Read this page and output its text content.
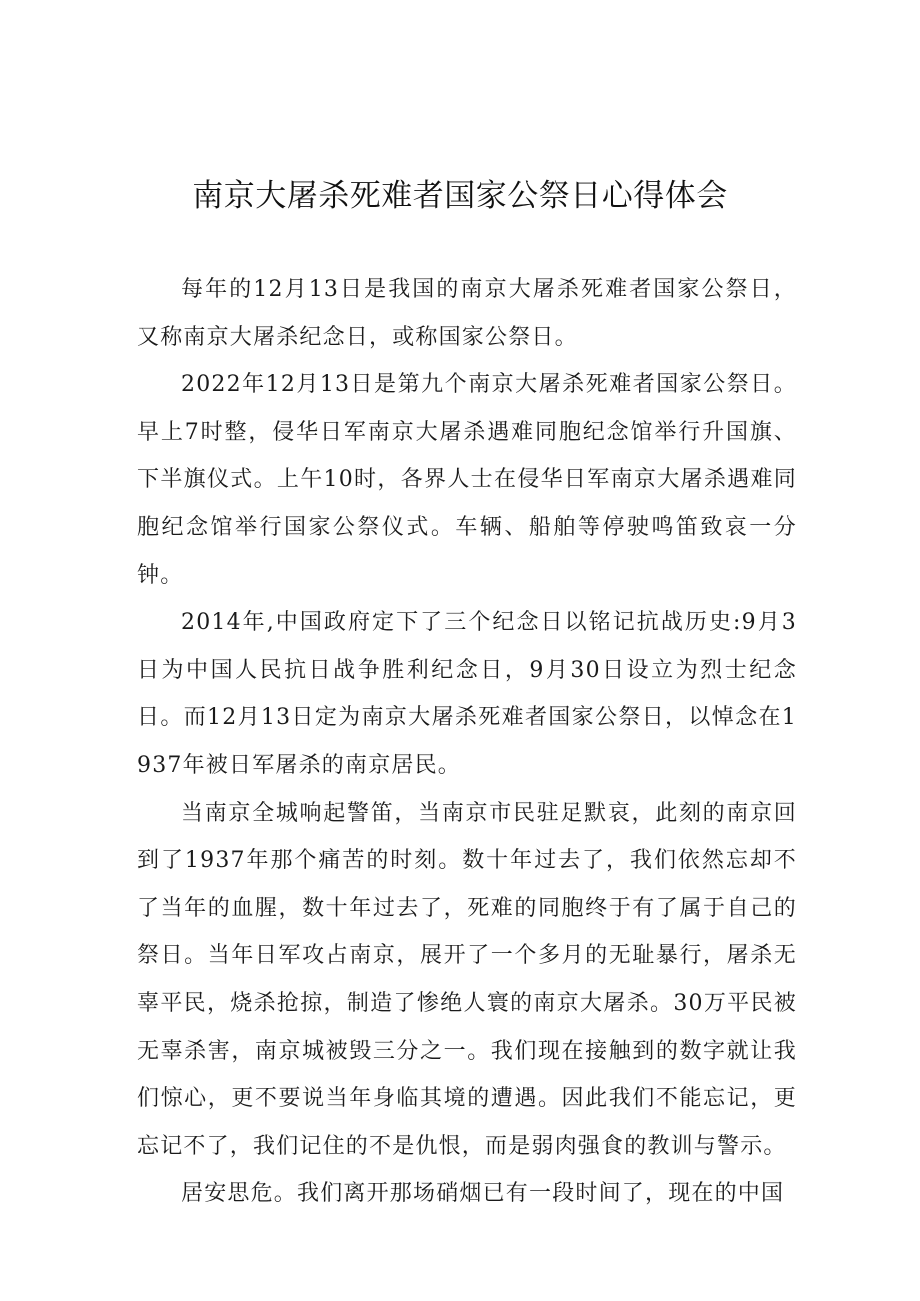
南京大屠杀死难者国家公祭日心得体会

每年的12月13日是我国的南京大屠杀死难者国家公祭日，又称南京大屠杀纪念日，或称国家公祭日。

2022年12月13日是第九个南京大屠杀死难者国家公祭日。早上7时整，侵华日军南京大屠杀遇难同胞纪念馆举行升国旗、下半旗仪式。上午10时，各界人士在侵华日军南京大屠杀遇难同胞纪念馆举行国家公祭仪式。车辆、船舶等停驶鸣笛致哀一分钟。

2014年,中国政府定下了三个纪念日以铭记抗战历史:9月3日为中国人民抗日战争胜利纪念日，9月30日设立为烈士纪念日。而12月13日定为南京大屠杀死难者国家公祭日，以悼念在1937年被日军屠杀的南京居民。

当南京全城响起警笛，当南京市民驻足默哀，此刻的南京回到了1937年那个痛苦的时刻。数十年过去了，我们依然忘却不了当年的血腥，数十年过去了，死难的同胞终于有了属于自己的祭日。当年日军攻占南京，展开了一个多月的无耻暴行，屠杀无辜平民，烧杀抢掠，制造了惨绝人寰的南京大屠杀。30万平民被无辜杀害，南京城被毁三分之一。我们现在接触到的数字就让我们惊心，更不要说当年身临其境的遭遇。因此我们不能忘记，更忘记不了，我们记住的不是仇恨，而是弱肉强食的教训与警示。

居安思危。我们离开那场硝烟已有一段时间了，现在的中国
